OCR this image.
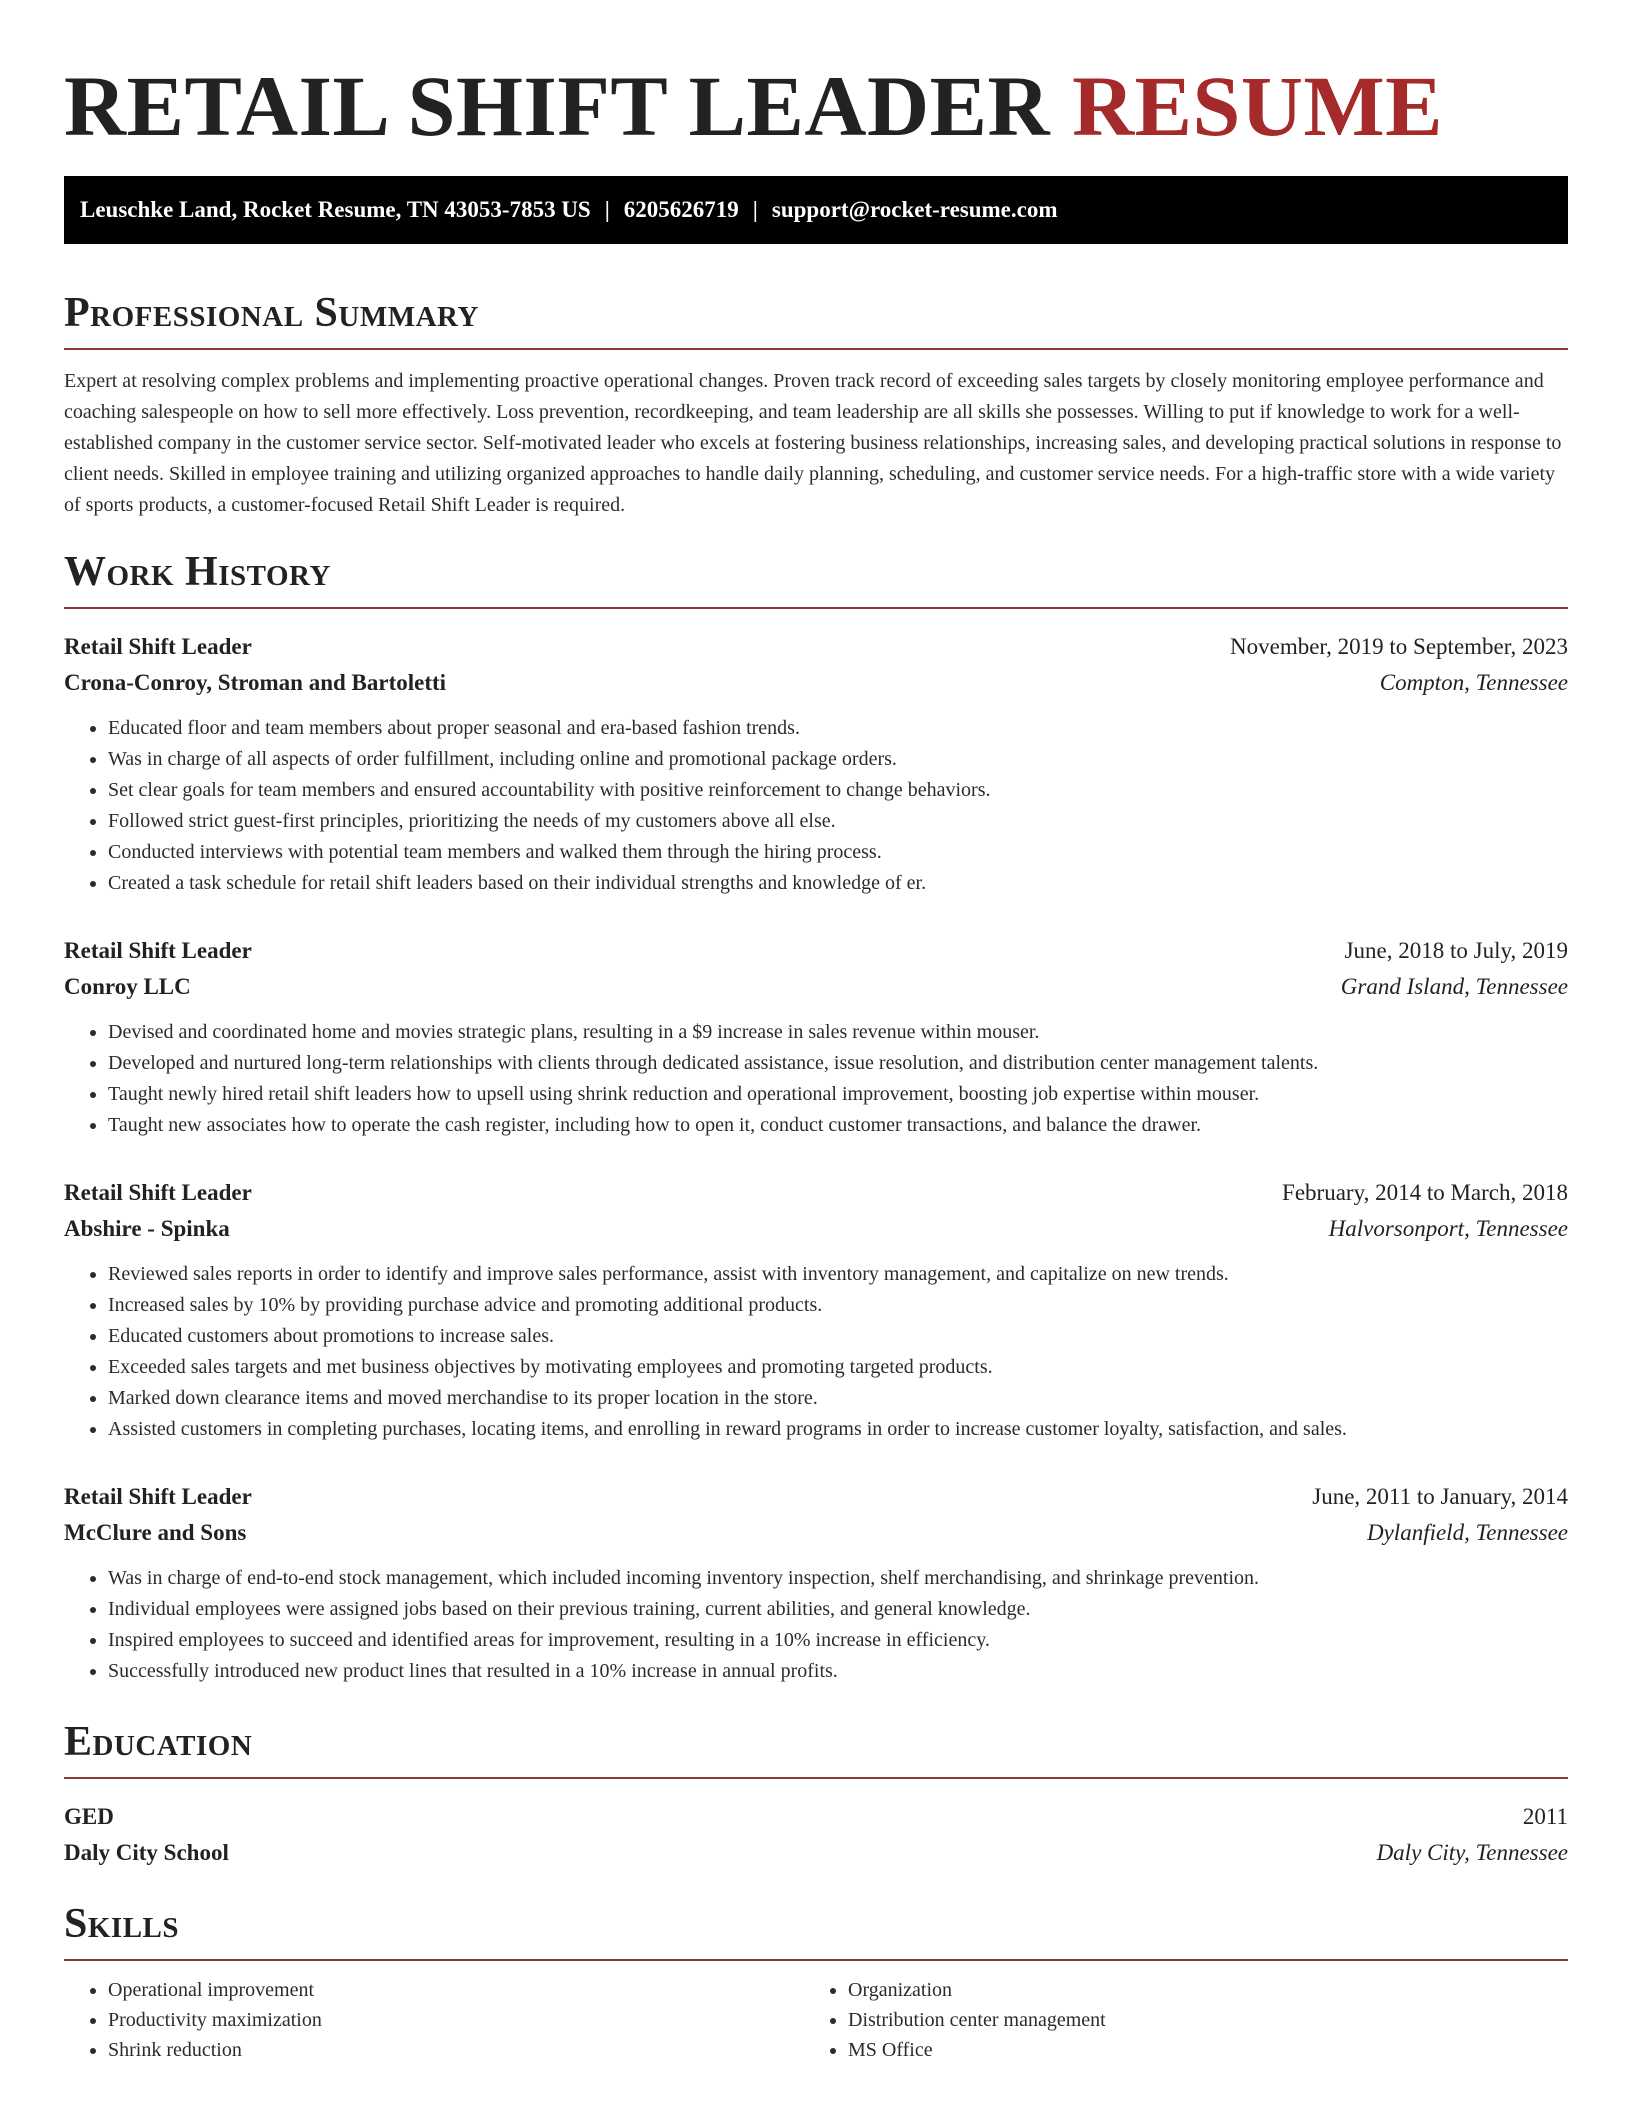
RETAIL SHIFT LEADER RESUME
Leuschke Land, Rocket Resume, TN 43053-7853 US | 6205626719 | support@rocket-resume.com
Professional Summary

Expert at resolving complex problems and implementing proactive operational changes. Proven track record of exceeding sales targets by closely monitoring employee performance and coaching salespeople on how to sell more effectively. Loss prevention, recordkeeping, and team leadership are all skills she possesses. Willing to put if knowledge to work for a well-established company in the customer service sector. Self-motivated leader who excels at fostering business relationships, increasing sales, and developing practical solutions in response to client needs. Skilled in employee training and utilizing organized approaches to handle daily planning, scheduling, and customer service needs. For a high-traffic store with a wide variety of sports products, a customer-focused Retail Shift Leader is required.

Work History
Retail Shift Leader	November, 2019 to September, 2023
Crona-Conroy, Stroman and Bartoletti	Compton, Tennessee
• Educated floor and team members about proper seasonal and era-based fashion trends.
• Was in charge of all aspects of order fulfillment, including online and promotional package orders.
• Set clear goals for team members and ensured accountability with positive reinforcement to change behaviors.
• Followed strict guest-first principles, prioritizing the needs of my customers above all else.
• Conducted interviews with potential team members and walked them through the hiring process.
• Created a task schedule for retail shift leaders based on their individual strengths and knowledge of er.
Retail Shift Leader	June, 2018 to July, 2019
Conroy LLC	Grand Island, Tennessee
• Devised and coordinated home and movies strategic plans, resulting in a $9 increase in sales revenue within mouser.
• Developed and nurtured long-term relationships with clients through dedicated assistance, issue resolution, and distribution center management talents.
• Taught newly hired retail shift leaders how to upsell using shrink reduction and operational improvement, boosting job expertise within mouser.
• Taught new associates how to operate the cash register, including how to open it, conduct customer transactions, and balance the drawer.
Retail Shift Leader	February, 2014 to March, 2018
Abshire - Spinka	Halvorsonport, Tennessee
• Reviewed sales reports in order to identify and improve sales performance, assist with inventory management, and capitalize on new trends.
• Increased sales by 10% by providing purchase advice and promoting additional products.
• Educated customers about promotions to increase sales.
• Exceeded sales targets and met business objectives by motivating employees and promoting targeted products.
• Marked down clearance items and moved merchandise to its proper location in the store.
• Assisted customers in completing purchases, locating items, and enrolling in reward programs in order to increase customer loyalty, satisfaction, and sales.
Retail Shift Leader	June, 2011 to January, 2014
McClure and Sons	Dylanfield, Tennessee
• Was in charge of end-to-end stock management, which included incoming inventory inspection, shelf merchandising, and shrinkage prevention.
• Individual employees were assigned jobs based on their previous training, current abilities, and general knowledge.
• Inspired employees to succeed and identified areas for improvement, resulting in a 10% increase in efficiency.
• Successfully introduced new product lines that resulted in a 10% increase in annual profits.
Education
GED	2011
Daly City School	Daly City, Tennessee
Skills
• Operational improvement
• Productivity maximization
• Shrink reduction
• Organization
• Distribution center management
• MS Office
